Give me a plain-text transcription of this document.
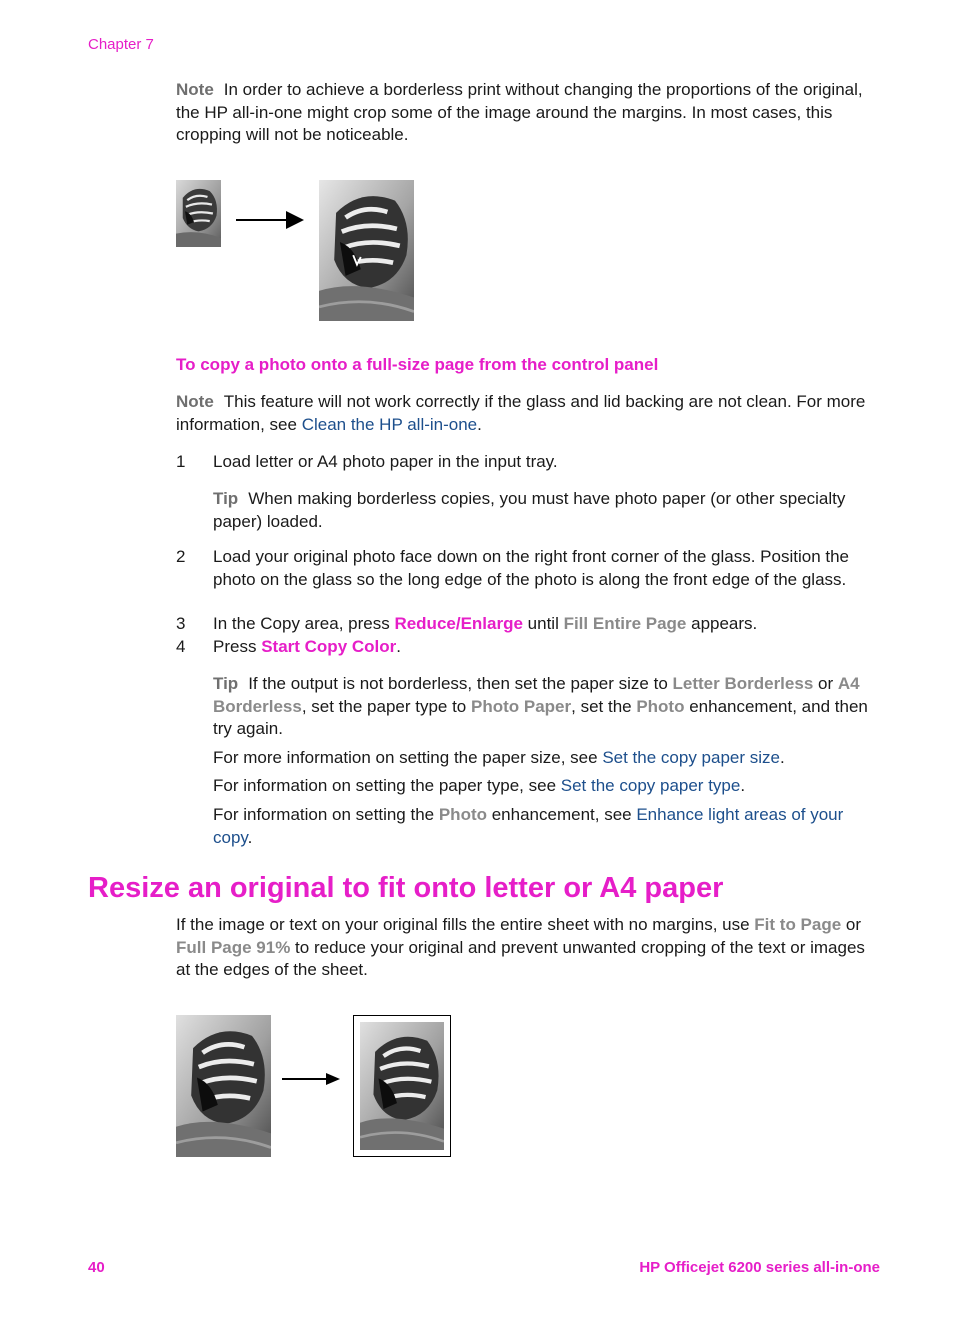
Chapter 7
Note In order to achieve a borderless print without changing the proportions of the original, the HP all-in-one might crop some of the image around the margins. In most cases, this cropping will not be noticeable.
To copy a photo onto a full-size page from the control panel
Note This feature will not work correctly if the glass and lid backing are not clean. For more information, see Clean the HP all-in-one.
1 Load letter or A4 photo paper in the input tray.
Tip When making borderless copies, you must have photo paper (or other specialty paper) loaded.
2 Load your original photo face down on the right front corner of the glass. Position the photo on the glass so the long edge of the photo is along the front edge of the glass.
3 In the Copy area, press Reduce/Enlarge until Fill Entire Page appears.
4 Press Start Copy Color.
Tip If the output is not borderless, then set the paper size to Letter Borderless or A4 Borderless, set the paper type to Photo Paper, set the Photo enhancement, and then try again.
For more information on setting the paper size, see Set the copy paper size.
For information on setting the paper type, see Set the copy paper type.
For information on setting the Photo enhancement, see Enhance light areas of your copy.
Resize an original to fit onto letter or A4 paper
If the image or text on your original fills the entire sheet with no margins, use Fit to Page or Full Page 91% to reduce your original and prevent unwanted cropping of the text or images at the edges of the sheet.
40	HP Officejet 6200 series all-in-one
